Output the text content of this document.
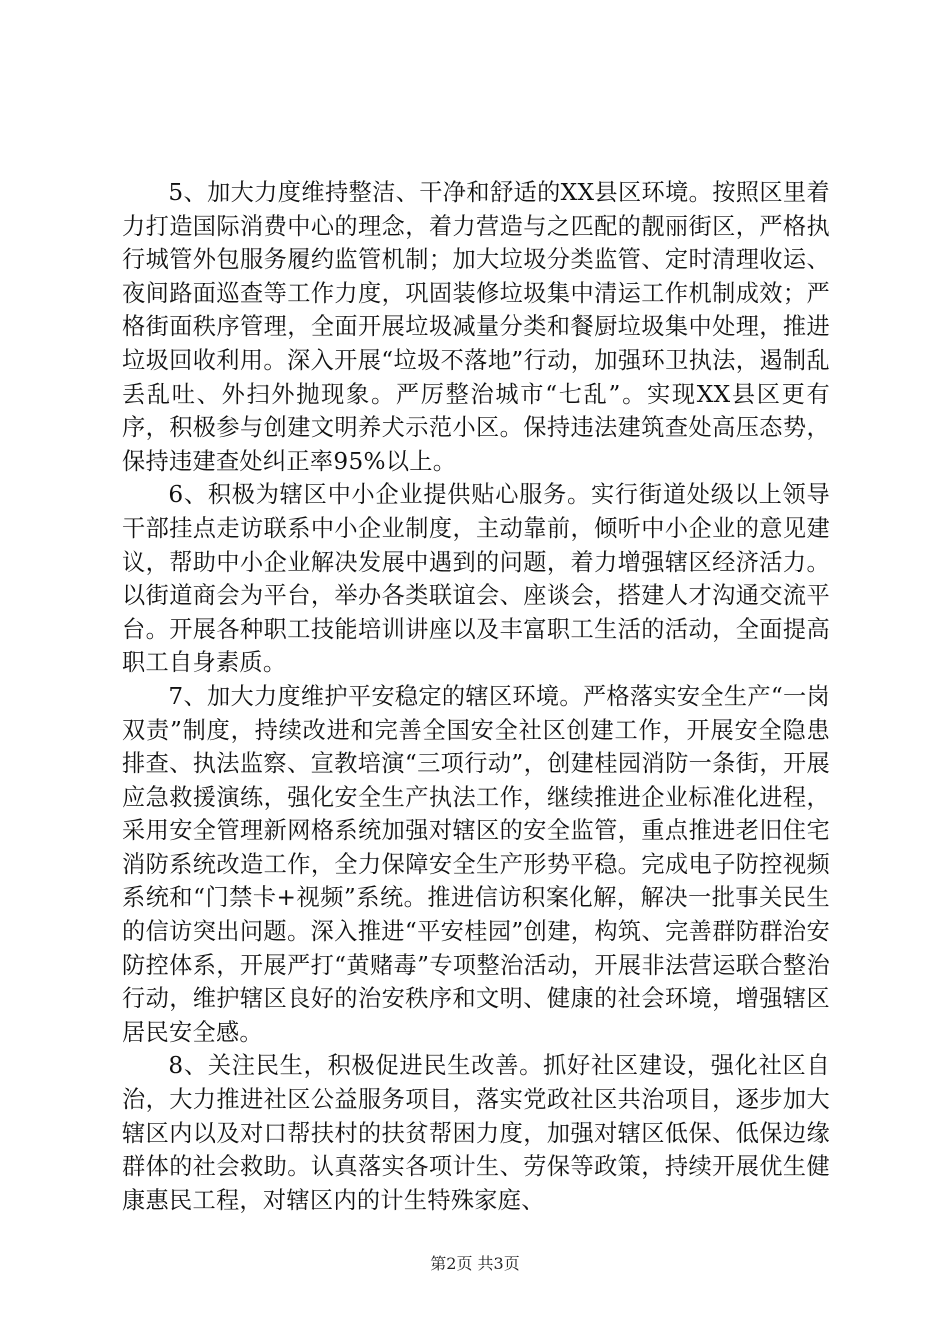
5、加大力度维持整洁、干净和舒适的XX县区环境。按照区里着力打造国际消费中心的理念，着力营造与之匹配的靓丽街区，严格执行城管外包服务履约监管机制；加大垃圾分类监管、定时清理收运、夜间路面巡查等工作力度，巩固装修垃圾集中清运工作机制成效；严格街面秩序管理，全面开展垃圾减量分类和餐厨垃圾集中处理，推进垃圾回收利用。深入开展“垃圾不落地”行动，加强环卫执法，遏制乱丢乱吐、外扫外抛现象。严厉整治城市“七乱”。实现XX县区更有序，积极参与创建文明养犬示范小区。保持违法建筑查处高压态势，保持违建查处纠正率95%以上。

6、积极为辖区中小企业提供贴心服务。实行街道处级以上领导干部挂点走访联系中小企业制度，主动靠前，倾听中小企业的意见建议，帮助中小企业解决发展中遇到的问题，着力增强辖区经济活力。以街道商会为平台，举办各类联谊会、座谈会，搭建人才沟通交流平台。开展各种职工技能培训讲座以及丰富职工生活的活动，全面提高职工自身素质。

7、加大力度维护平安稳定的辖区环境。严格落实安全生产“一岗双责”制度，持续改进和完善全国安全社区创建工作，开展安全隐患排查、执法监察、宣教培演“三项行动”，创建桂园消防一条街，开展应急救援演练，强化安全生产执法工作，继续推进企业标准化进程，采用安全管理新网格系统加强对辖区的安全监管，重点推进老旧住宅消防系统改造工作，全力保障安全生产形势平稳。完成电子防控视频系统和“门禁卡+视频”系统。推进信访积案化解，解决一批事关民生的信访突出问题。深入推进“平安桂园”创建，构筑、完善群防群治安防控体系，开展严打“黄赌毒”专项整治活动，开展非法营运联合整治行动，维护辖区良好的治安秩序和文明、健康的社会环境，增强辖区居民安全感。

8、关注民生，积极促进民生改善。抓好社区建设，强化社区自治，大力推进社区公益服务项目，落实党政社区共治项目，逐步加大辖区内以及对口帮扶村的扶贫帮困力度，加强对辖区低保、低保边缘群体的社会救助。认真落实各项计生、劳保等政策，持续开展优生健康惠民工程，对辖区内的计生特殊家庭、

第2页 共3页
